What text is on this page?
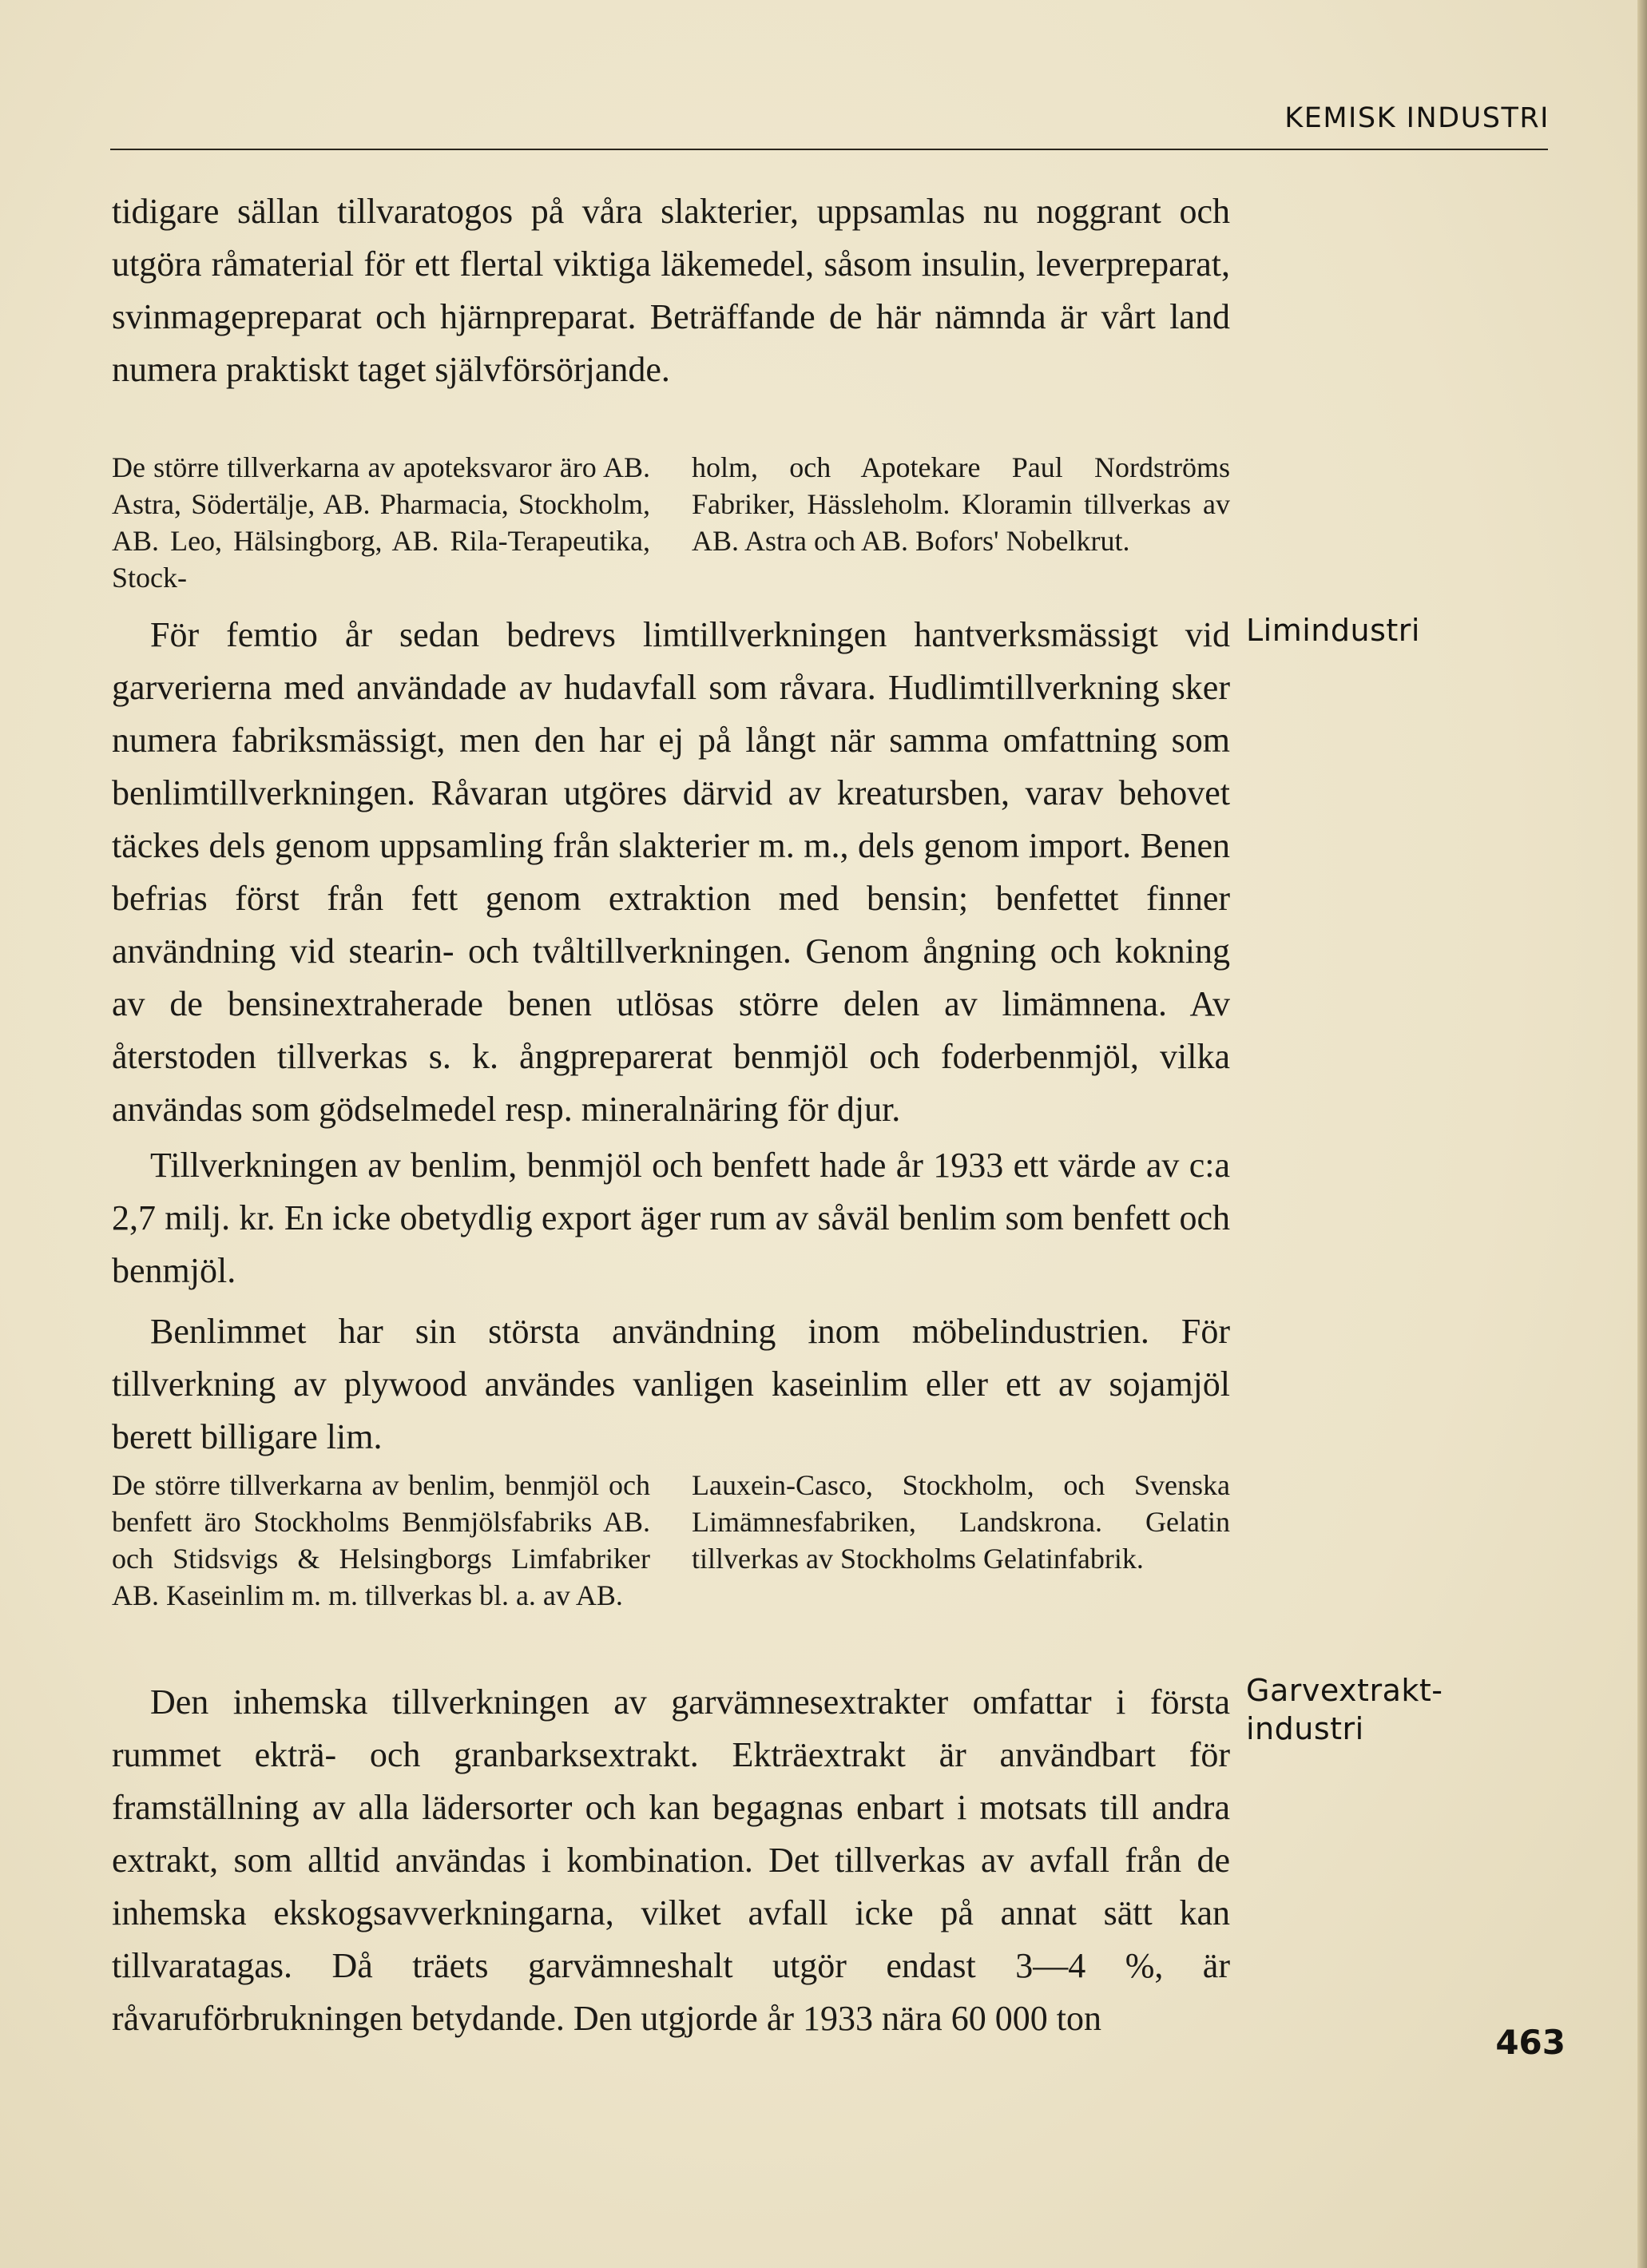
KEMISK INDUSTRI

tidigare sällan tillvaratogos på våra slakterier, uppsamlas nu noggrant och utgöra råmaterial för ett flertal viktiga läkemedel, såsom insulin, leverpreparat, svinmagepreparat och hjärnpreparat. Beträffande de här nämnda är vårt land numera praktiskt taget självförsörjande.

De större tillverkarna av apoteksvaror äro AB. Astra, Södertälje, AB. Pharmacia, Stockholm, AB. Leo, Hälsingborg, AB. Rila-Terapeutika, Stock-

holm, och Apotekare Paul Nordströms Fabriker, Hässleholm. Kloramin tillverkas av AB. Astra och AB. Bofors' Nobelkrut.

Limindustri

För femtio år sedan bedrevs limtillverkningen hantverksmässigt vid garverierna med användade av hudavfall som råvara. Hudlimtillverkning sker numera fabriksmässigt, men den har ej på långt när samma omfattning som benlimtillverkningen. Råvaran utgöres därvid av kreatursben, varav behovet täckes dels genom uppsamling från slakterier m. m., dels genom import. Benen befrias först från fett genom extraktion med bensin; benfettet finner användning vid stearin- och tvåltillverkningen. Genom ångning och kokning av de bensinextraherade benen utlösas större delen av limämnena. Av återstoden tillverkas s. k. ångpreparerat benmjöl och foderbenmjöl, vilka användas som gödselmedel resp. mineralnäring för djur.

Tillverkningen av benlim, benmjöl och benfett hade år 1933 ett värde av c:a 2,7 milj. kr. En icke obetydlig export äger rum av såväl benlim som benfett och benmjöl.

Benlimmet har sin största användning inom möbelindustrien. För tillverkning av plywood användes vanligen kaseinlim eller ett av sojamjöl berett billigare lim.

De större tillverkarna av benlim, benmjöl och benfett äro Stockholms Benmjölsfabriks AB. och Stidsvigs & Helsingborgs Limfabriker AB. Kaseinlim m. m. tillverkas bl. a. av AB.

Lauxein-Casco, Stockholm, och Svenska Limämnesfabriken, Landskrona. Gelatin tillverkas av Stockholms Gelatinfabrik.

Garvextrakt-
industri

Den inhemska tillverkningen av garvämnesextrakter omfattar i första rummet ekträ- och granbarksextrakt. Ekträextrakt är användbart för framställning av alla lädersorter och kan begagnas enbart i motsats till andra extrakt, som alltid användas i kombination. Det tillverkas av avfall från de inhemska ekskogsavverkningarna, vilket avfall icke på annat sätt kan tillvaratagas. Då träets garvämneshalt utgör endast 3—4 %, är råvaruförbrukningen betydande. Den utgjorde år 1933 nära 60 000 ton

463
